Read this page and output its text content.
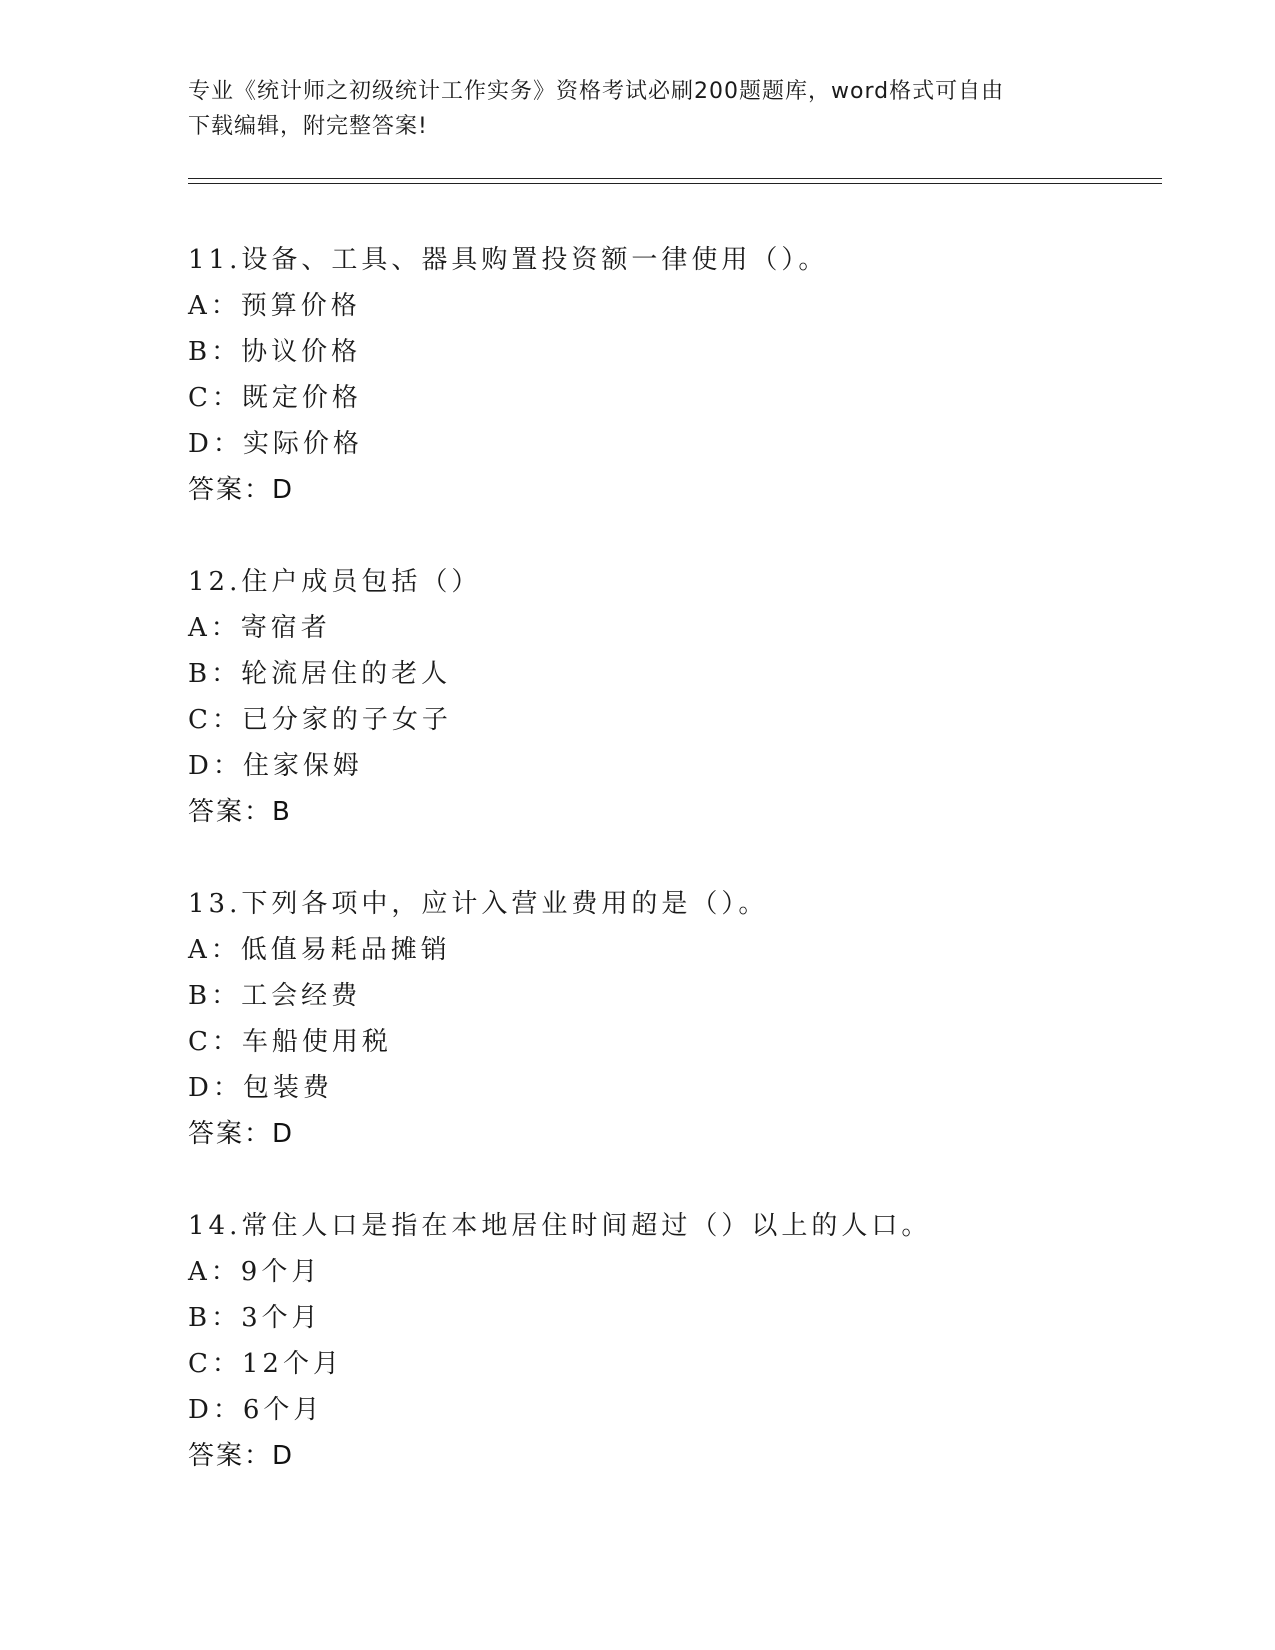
专业《统计师之初级统计工作实务》资格考试必刷200题题库，word格式可自由
下载编辑，附完整答案!
11.设备、工具、器具购置投资额一律使用（）。
A：预算价格
B：协议价格
C：既定价格
D：实际价格
答案：D
12.住户成员包括（）
A：寄宿者
B：轮流居住的老人
C：已分家的子女子
D：住家保姆
答案：B
13.下列各项中，应计入营业费用的是（）。
A：低值易耗品摊销
B：工会经费
C：车船使用税
D：包装费
答案：D
14.常住人口是指在本地居住时间超过（）以上的人口。
A：9个月
B：3个月
C：12个月
D：6个月
答案：D
